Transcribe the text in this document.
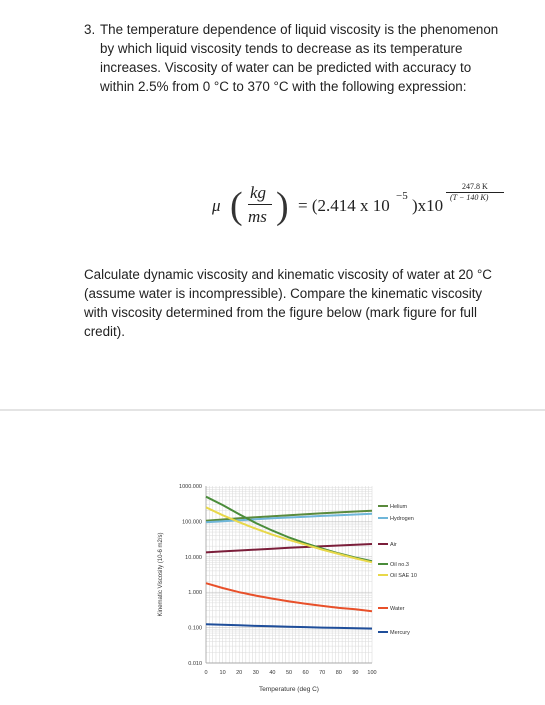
3. The temperature dependence of liquid viscosity is the phenomenon by which liquid viscosity tends to decrease as its temperature increases. Viscosity of water can be predicted with accuracy to within 2.5% from 0 °C to 370 °C with the following expression:
μ ( kg
ms ) = (2.414 x 10 −5 )x10
247.8 K
(T − 140 K)
Calculate dynamic viscosity and kinematic viscosity of water at 20 °C (assume water is incompressible). Compare the kinematic viscosity with viscosity determined from the figure below (mark figure for full credit).
1000.000
100.000
10.000
1.000
0.100
0.010
0 10 20 30 40 50 60 70 80 90 100
Temperature (deg C)
Kinematic Viscosity (10-6 m2/s)
Helium
Hydrogen
Air
Oil no.3
Oil SAE 10
Water
Mercury
